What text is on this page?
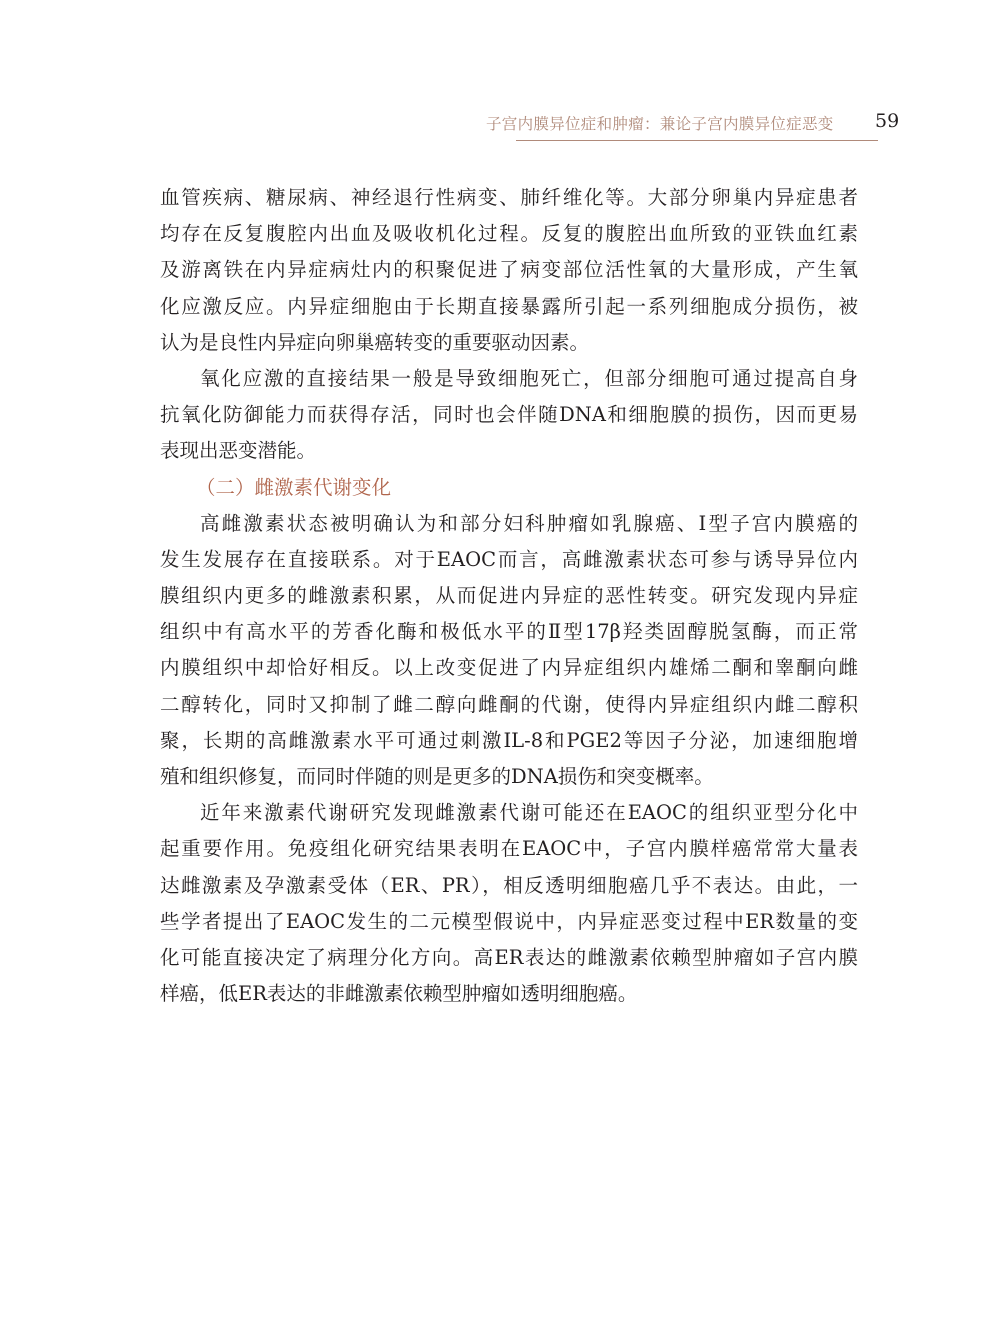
子宫内膜异位症和肿瘤：兼论子宫内膜异位症恶变	59
血管疾病、糖尿病、神经退行性病变、肺纤维化等。大部分卵巢内异症患者
均存在反复腹腔内出血及吸收机化过程。反复的腹腔出血所致的亚铁血红素
及游离铁在内异症病灶内的积聚促进了病变部位活性氧的大量形成，产生氧
化应激反应。内异症细胞由于长期直接暴露所引起一系列细胞成分损伤，被
认为是良性内异症向卵巢癌转变的重要驱动因素。
氧化应激的直接结果一般是导致细胞死亡，但部分细胞可通过提高自身
抗氧化防御能力而获得存活，同时也会伴随DNA和细胞膜的损伤，因而更易
表现出恶变潜能。
（二）雌激素代谢变化
高雌激素状态被明确认为和部分妇科肿瘤如乳腺癌、Ⅰ型子宫内膜癌的
发生发展存在直接联系。对于EAOC而言，高雌激素状态可参与诱导异位内
膜组织内更多的雌激素积累，从而促进内异症的恶性转变。研究发现内异症
组织中有高水平的芳香化酶和极低水平的Ⅱ型17β羟类固醇脱氢酶，而正常
内膜组织中却恰好相反。以上改变促进了内异症组织内雄烯二酮和睾酮向雌
二醇转化，同时又抑制了雌二醇向雌酮的代谢，使得内异症组织内雌二醇积
聚，长期的高雌激素水平可通过刺激IL-8和PGE2等因子分泌，加速细胞增
殖和组织修复，而同时伴随的则是更多的DNA损伤和突变概率。
近年来激素代谢研究发现雌激素代谢可能还在EAOC的组织亚型分化中
起重要作用。免疫组化研究结果表明在EAOC中，子宫内膜样癌常常大量表
达雌激素及孕激素受体（ER、PR），相反透明细胞癌几乎不表达。由此，一
些学者提出了EAOC发生的二元模型假说中，内异症恶变过程中ER数量的变
化可能直接决定了病理分化方向。高ER表达的雌激素依赖型肿瘤如子宫内膜
样癌，低ER表达的非雌激素依赖型肿瘤如透明细胞癌。
